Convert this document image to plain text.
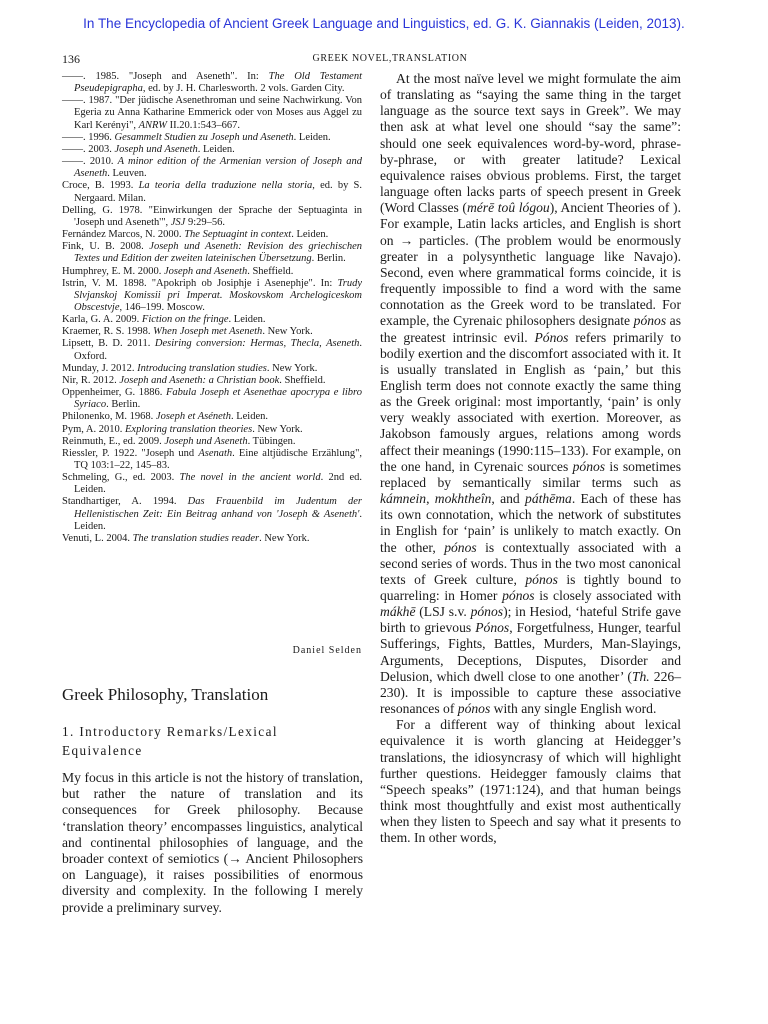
In The Encyclopedia of Ancient Greek Language and Linguistics, ed. G. K. Giannakis (Leiden, 2013).
136	GREEK NOVEL,TRANSLATION

——. 1985. "Joseph and Aseneth". In: The Old Testament Pseudepigrapha, ed. by J. H. Charlesworth. 2 vols. Garden City.

——. 1987. "Der jüdische Asenethroman und seine Nachwirkung. Von Egeria zu Anna Katharine Emmerick oder von Moses aus Aggel zu Karl Kerényi", ANRW II.20.1:543–667.

——. 1996. Gesammelt Studien zu Joseph und Aseneth. Leiden.

——. 2003. Joseph und Aseneth. Leiden.

——. 2010. A minor edition of the Armenian version of Joseph and Aseneth. Leuven.

Croce, B. 1993. La teoria della traduzione nella storia, ed. by S. Nergaard. Milan.

Delling, G. 1978. "Einwirkungen der Sprache der Septuaginta in 'Joseph und Aseneth'", JSJ 9:29–56.

Fernández Marcos, N. 2000. The Septuagint in context. Leiden.

Fink, U. B. 2008. Joseph und Aseneth: Revision des griechischen Textes und Edition der zweiten lateinischen Übersetzung. Berlin.

Humphrey, E. M. 2000. Joseph and Aseneth. Sheffield.

Istrin, V. M. 1898. "Apokriph ob Josiphje i Asenephje". In: Trudy Slvjanskoj Komissii pri Imperat. Moskovskom Archelogiceskom Obscestvje, 146–199. Moscow.

Karla, G. A. 2009. Fiction on the fringe. Leiden.

Kraemer, R. S. 1998. When Joseph met Aseneth. New York.

Lipsett, B. D. 2011. Desiring conversion: Hermas, Thecla, Aseneth. Oxford.

Munday, J. 2012. Introducing translation studies. New York.

Nir, R. 2012. Joseph and Aseneth: a Christian book. Sheffield.

Oppenheimer, G. 1886. Fabula Joseph et Asenethae apocrypa e libro Syriaco. Berlin.

Philonenko, M. 1968. Joseph et Aséneth. Leiden.

Pym, A. 2010. Exploring translation theories. New York.

Reinmuth, E., ed. 2009. Joseph und Aseneth. Tübingen.

Riessler, P. 1922. "Joseph und Asenath. Eine altjüdische Erzählung", TQ 103:1–22, 145–83.

Schmeling, G., ed. 2003. The novel in the ancient world. 2nd ed. Leiden.

Standhartiger, A. 1994. Das Frauenbild im Judentum der Hellenistischen Zeit: Ein Beitrag anhand von 'Joseph & Aseneth'. Leiden.

Venuti, L. 2004. The translation studies reader. New York.

Daniel Selden
Greek Philosophy, Translation
1. Introductory Remarks/Lexical Equivalence

My focus in this article is not the history of translation, but rather the nature of translation and its consequences for Greek philosophy. Because ‘translation theory’ encompasses linguistics, analytical and continental philosophies of language, and the broader context of semiotics (→ Ancient Philosophers on Language), it raises possibilities of enormous diversity and complexity. In the following I merely provide a preliminary survey.

At the most naïve level we might formulate the aim of translating as “saying the same thing in the target language as the source text says in Greek”. We may then ask at what level one should “say the same”: should one seek equivalences word-by-word, phrase-by-phrase, or with greater latitude? Lexical equivalence raises obvious problems. First, the target language often lacks parts of speech present in Greek (Word Classes (mérē toû lógou), Ancient Theories of ). For example, Latin lacks articles, and English is short on → particles. (The problem would be enormously greater in a polysynthetic language like Navajo). Second, even where grammatical forms coincide, it is frequently impossible to find a word with the same connotation as the Greek word to be translated. For example, the Cyrenaic philosophers designate pónos as the greatest intrinsic evil. Pónos refers primarily to bodily exertion and the discomfort associated with it. It is usually translated in English as ‘pain,’ but this English term does not connote exactly the same thing as the Greek original: most importantly, ‘pain’ is only very weakly associated with exertion. Moreover, as Jakobson famously argues, relations among words affect their meanings (1990:115–133). For example, on the one hand, in Cyrenaic sources pónos is sometimes replaced by semantically similar terms such as kámnein, mokhtheîn, and páthēma. Each of these has its own connotation, which the network of substitutes in English for ‘pain’ is unlikely to match exactly. On the other, pónos is contextually associated with a second series of words. Thus in the two most canonical texts of Greek culture, pónos is tightly bound to quarreling: in Homer pónos is closely associated with mákhē (LSJ s.v. pónos); in Hesiod, ‘hateful Strife gave birth to grievous Pónos, Forgetfulness, Hunger, tearful Sufferings, Fights, Battles, Murders, Man-Slayings, Arguments, Deceptions, Disputes, Disorder and Delusion, which dwell close to one another’ (Th. 226–230). It is impossible to capture these associative resonances of pónos with any single English word.

For a different way of thinking about lexical equivalence it is worth glancing at Heidegger’s translations, the idiosyncrasy of which will highlight further questions. Heidegger famously claims that “Speech speaks” (1971:124), and that human beings think most thoughtfully and exist most authentically when they listen to Speech and say what it presents to them. In other words,
